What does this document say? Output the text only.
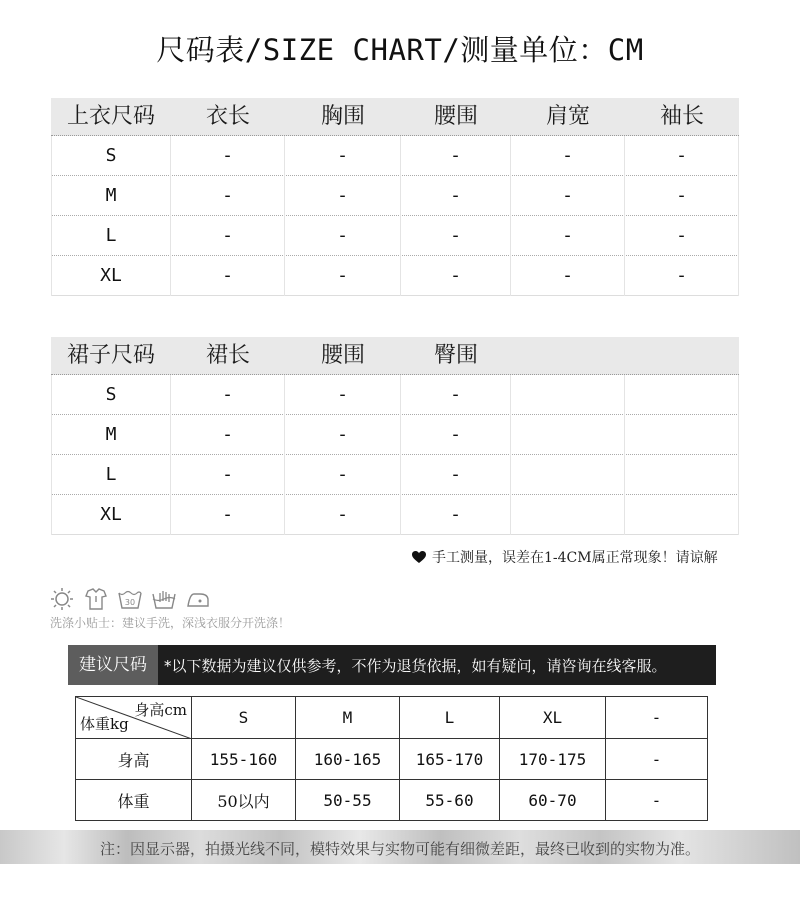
尺码表/SIZE CHART/测量单位：CM
上衣尺码	衣长	胸围	腰围	肩宽	袖长
S	-	-	-	-	-
M	-	-	-	-	-
L	-	-	-	-	-
XL	-	-	-	-	-
裙子尺码	裙长	腰围	臀围
S	-	-	-
M	-	-	-
L	-	-	-
XL	-	-	-
手工测量，误差在1-4CM属正常现象！请谅解
30
洗涤小贴士：建议手洗，深浅衣服分开洗涤！
建议尺码	*以下数据为建议仅供参考，不作为退货依据，如有疑问，请咨询在线客服。
身高cm
体重kg	S	M	L	XL	-
身高	155-160	160-165	165-170	170-175	-
体重	50以内	50-55	55-60	60-70	-
注：因显示器，拍摄光线不同，模特效果与实物可能有细微差距，最终已收到的实物为准。
